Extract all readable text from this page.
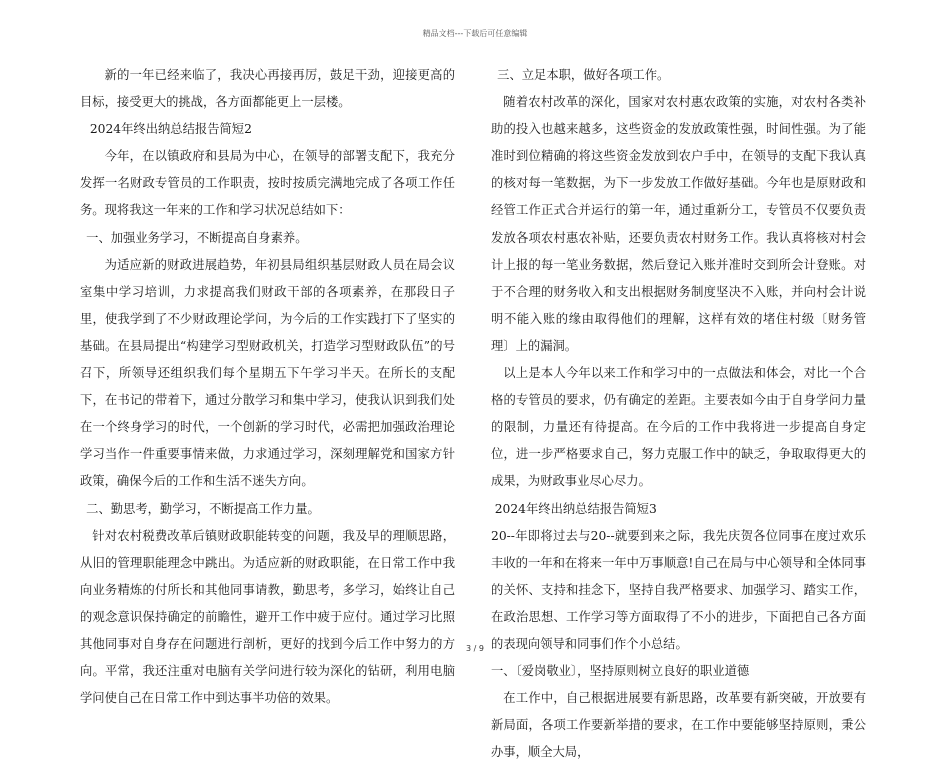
精品文档---下载后可任意编辑

新的一年已经来临了，我决心再接再厉，鼓足干劲，迎接更高的目标，接受更大的挑战，各方面都能更上一层楼。

2024年终出纳总结报告简短2

今年，在以镇政府和县局为中心，在领导的部署支配下，我充分发挥一名财政专管员的工作职责，按时按质完满地完成了各项工作任务。现将我这一年来的工作和学习状况总结如下：

一、加强业务学习，不断提高自身素养。

为适应新的财政进展趋势，年初县局组织基层财政人员在局会议室集中学习培训，力求提高我们财政干部的各项素养，在那段日子里，使我学到了不少财政理论学问，为今后的工作实践打下了坚实的基础。在县局提出“构建学习型财政机关，打造学习型财政队伍”的号召下，所领导还组织我们每个星期五下午学习半天。在所长的支配下，在书记的带着下，通过分散学习和集中学习，使我认识到我们处在一个终身学习的时代，一个创新的学习时代，必需把加强政治理论学习当作一件重要事情来做，力求通过学习，深刻理解党和国家方针政策，确保今后的工作和生活不迷失方向。

二、勤思考，勤学习，不断提高工作力量。

针对农村税费改革后镇财政职能转变的问题，我及早的理顺思路，从旧的管理职能理念中跳出。为适应新的财政职能，在日常工作中我向业务精炼的付所长和其他同事请教，勤思考，多学习，始终让自己的观念意识保持确定的前瞻性，避开工作中疲于应付。通过学习比照其他同事对自身存在问题进行剖析，更好的找到今后工作中努力的方向。平常，我还注重对电脑有关学问进行较为深化的钻研，利用电脑学问使自己在日常工作中到达事半功倍的效果。

三、立足本职，做好各项工作。

随着农村改革的深化，国家对农村惠农政策的实施，对农村各类补助的投入也越来越多，这些资金的发放政策性强，时间性强。为了能准时到位精确的将这些资金发放到农户手中，在领导的支配下我认真的核对每一笔数据，为下一步发放工作做好基础。今年也是原财政和经管工作正式合并运行的第一年，通过重新分工，专管员不仅要负责发放各项农村惠农补贴，还要负责农村财务工作。我认真将核对村会计上报的每一笔业务数据，然后登记入账并准时交到所会计登账。对于不合理的财务收入和支出根据财务制度坚决不入账，并向村会计说明不能入账的缘由取得他们的理解，这样有效的堵住村级〔财务管理〕上的漏洞。

以上是本人今年以来工作和学习中的一点做法和体会，对比一个合格的专管员的要求，仍有确定的差距。主要表如今由于自身学问力量的限制，力量还有待提高。在今后的工作中我将进一步提高自身定位，进一步严格要求自己，努力克服工作中的缺乏，争取取得更大的成果，为财政事业尽心尽力。

2024年终出纳总结报告简短3

20--年即将过去与20--就要到来之际，我先庆贺各位同事在度过欢乐丰收的一年和在将来一年中万事顺意!自己在局与中心领导和全体同事的关怀、支持和挂念下，坚持自我严格要求、加强学习、踏实工作，在政治思想、工作学习等方面取得了不小的进步，下面把自己各方面的表现向领导和同事们作个小总结。

一、〔爱岗敬业〕，坚持原则树立良好的职业道德

在工作中，自己根据进展要有新思路，改革要有新突破，开放要有新局面，各项工作要新举措的要求，在工作中要能够坚持原则，秉公办事，顺全大局，

3 / 9
